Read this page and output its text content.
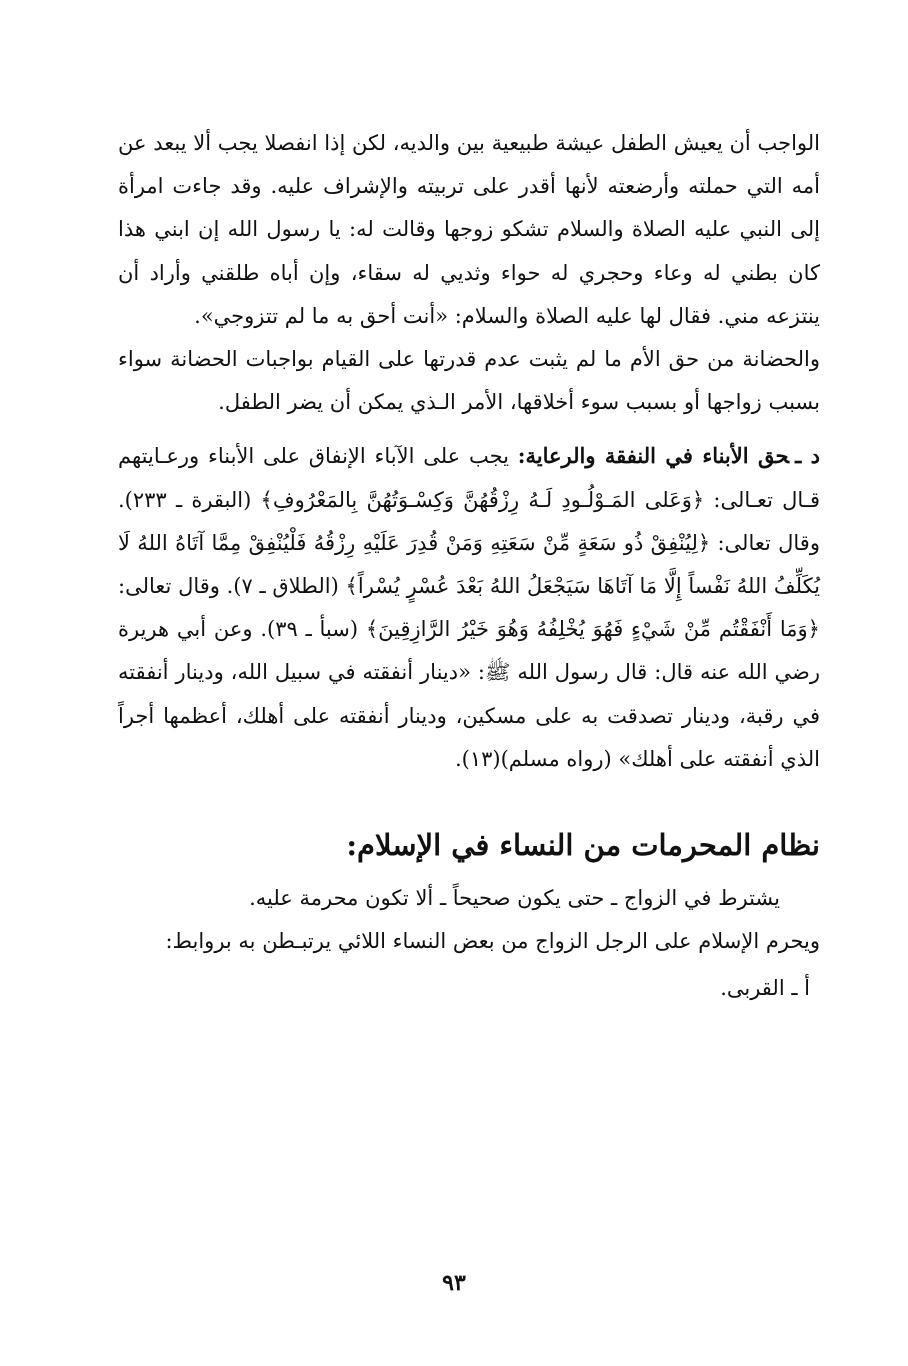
الواجب أن يعيش الطفل عيشة طبيعية بين والديه، لكن إذا انفصلا يجب ألا يبعد عن أمه التي حملته وأرضعته لأنها أقدر على تربيته والإشراف عليه. وقد جاءت امرأة إلى النبي عليه الصلاة والسلام تشكو زوجها وقالت له: يا رسول الله إن ابني هذا كان بطني له وعاء وحجري له حواء وثديي له سقاء، وإن أباه طلقني وأراد أن ينتزعه مني. فقال لها عليه الصلاة والسلام: «أنت أحق به ما لم تتزوجي».

والحضانة من حق الأم ما لم يثبت عدم قدرتها على القيام بواجبات الحضانة سواء بسبب زواجها أو بسبب سوء أخلاقها، الأمر الـذي يمكن أن يضر الطفل.

د ـحق الأبناء في النفقة والرعاية: يجب على الآباء الإنفاق على الأبناء ورعـايتهم قـال تعـالى: ﴿وَعَلى المَـوْلُـودِ لَـهُ رِزْقُهُنَّ وَكِسْـوَتُهُنَّ بِالمَعْرُوفِ﴾ (البقرة ـ ٢٣٣). وقال تعالى: ﴿لِيُنْفِقْ ذُو سَعَةٍ مِّنْ سَعَتِهِ وَمَنْ قُدِرَ عَلَيْهِ رِزْقُهُ فَلْيُنْفِقْ مِمَّا آتَاهُ اللهُ لَا يُكَلِّفُ اللهُ نَفْساً إِلَّا مَا آتَاهَا سَيَجْعَلُ اللهُ بَعْدَ عُسْرٍ يُسْراً﴾ (الطلاق ـ ٧). وقال تعالى: ﴿وَمَا أَنْفَقْتُم مِّنْ شَيْءٍ فَهُوَ يُخْلِفُهُ وَهُوَ خَيْرُ الرَّازِقِينَ﴾ (سبأ ـ ٣٩). وعن أبي هريرة رضي الله عنه قال: قال رسول الله ﷺ: «دينار أنفقته في سبيل الله، ودينار أنفقته في رقبة، ودينار تصدقت به على مسكين، ودينار أنفقته على أهلك، أعظمها أجراً الذي أنفقته على أهلك» (رواه مسلم)(١٣).

نظام المحرمات من النساء في الإسلام:

يشترط في الزواج ـ حتى يكون صحيحاً ـ ألا تكون محرمة عليه.

ويحرم الإسلام على الرجل الزواج من بعض النساء اللائي يرتبـطن به بروابط:

أ ـ القربى.

٩٣
